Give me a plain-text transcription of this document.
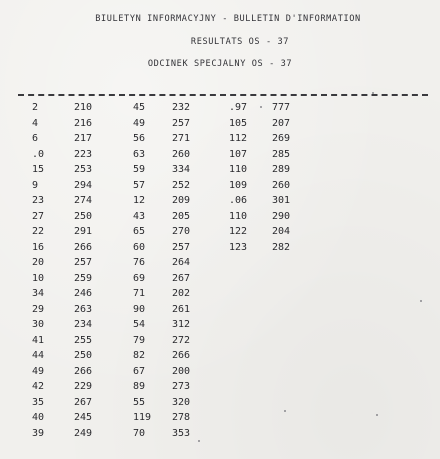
BIULETYN INFORMACYJNY - BULLETIN D'INFORMATION
RESULTATS OS - 37
ODCINEK SPECJALNY OS - 37
2
4
6
.0
15
9
23
27
22
16
20
10
34
29
30
41
44
49
42
35
40
39
210
216
217
223
253
294
274
250
291
266
257
259
246
263
234
255
250
266
229
267
245
249
45
49
56
63
59
57
12
43
65
60
76
69
71
90
54
79
82
67
89
55
119
70
232
257
271
260
334
252
209
205
270
257
264
267
202
261
312
272
266
200
273
320
278
353
.97
105
112
107
110
109
.06
110
122
123
777
207
269
285
289
260
301
290
204
282
